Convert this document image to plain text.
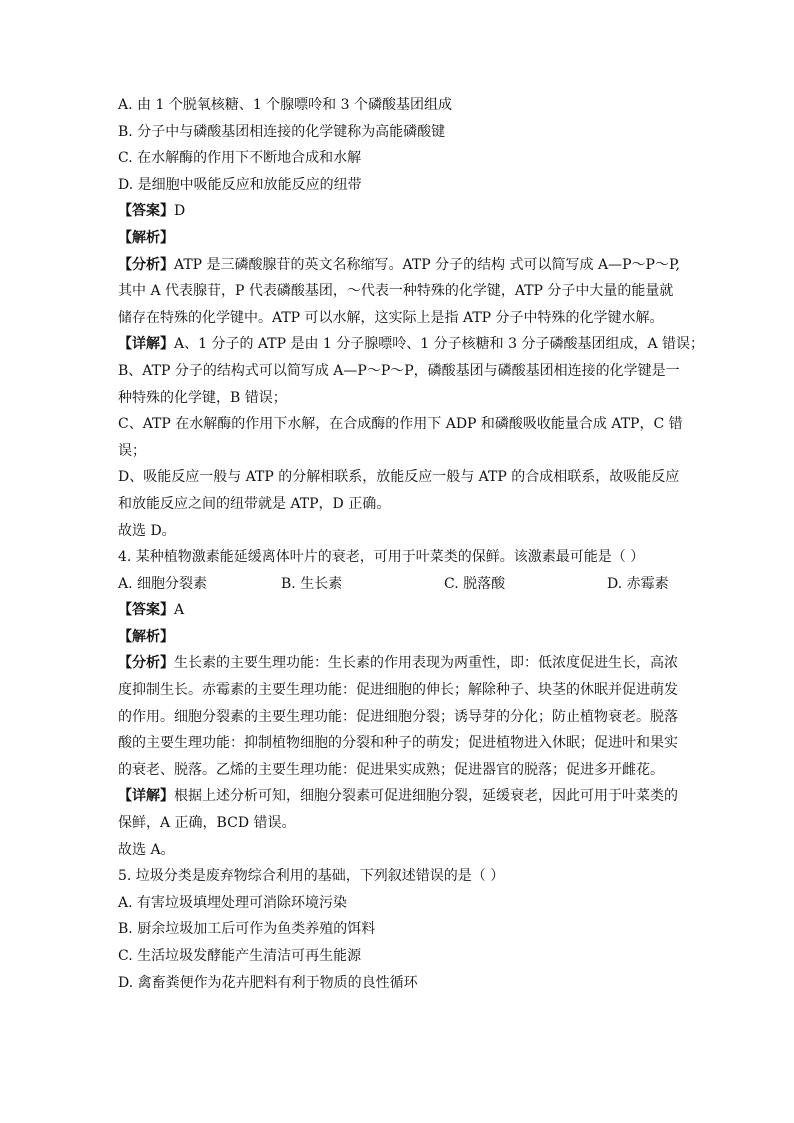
A. 由 1 个脱氧核糖、1 个腺嘌呤和 3 个磷酸基团组成
B. 分子中与磷酸基团相连接的化学键称为高能磷酸键
C. 在水解酶的作用下不断地合成和水解
D. 是细胞中吸能反应和放能反应的纽带
【答案】D
【解析】
【分析】ATP 是三磷酸腺苷的英文名称缩写。ATP 分子的结构 式可以简写成 A—P～P～P,
其中 A 代表腺苷，P 代表磷酸基团，～代表一种特殊的化学键，ATP 分子中大量的能量就
储存在特殊的化学键中。ATP 可以水解，这实际上是指 ATP 分子中特殊的化学键水解。
【详解】A、1 分子的 ATP 是由 1 分子腺嘌呤、1 分子核糖和 3 分子磷酸基团组成，A 错误；
B、ATP 分子的结构式可以简写成 A—P～P～P，磷酸基团与磷酸基团相连接的化学键是一
种特殊的化学键，B 错误；
C、ATP 在水解酶的作用下水解，在合成酶的作用下 ADP 和磷酸吸收能量合成 ATP，C 错
误；
D、吸能反应一般与 ATP 的分解相联系，放能反应一般与 ATP 的合成相联系，故吸能反应
和放能反应之间的纽带就是 ATP，D 正确。
故选 D。
4. 某种植物激素能延缓离体叶片的衰老，可用于叶菜类的保鲜。该激素最可能是（ ）
A. 细胞分裂素	B. 生长素	C. 脱落酸	D. 赤霉素
【答案】A
【解析】
【分析】生长素的主要生理功能：生长素的作用表现为两重性，即：低浓度促进生长，高浓
度抑制生长。赤霉素的主要生理功能：促进细胞的伸长；解除种子、块茎的休眠并促进萌发
的作用。细胞分裂素的主要生理功能：促进细胞分裂；诱导芽的分化；防止植物衰老。脱落
酸的主要生理功能：抑制植物细胞的分裂和种子的萌发；促进植物进入休眠；促进叶和果实
的衰老、脱落。乙烯的主要生理功能：促进果实成熟；促进器官的脱落；促进多开雌花。
【详解】根据上述分析可知，细胞分裂素可促进细胞分裂，延缓衰老，因此可用于叶菜类的
保鲜，A 正确，BCD 错误。
故选 A。
5. 垃圾分类是废弃物综合利用的基础，下列叙述错误的是（ ）
A. 有害垃圾填埋处理可消除环境污染
B. 厨余垃圾加工后可作为鱼类养殖的饵料
C. 生活垃圾发酵能产生清洁可再生能源
D. 禽畜粪便作为花卉肥料有利于物质的良性循环
